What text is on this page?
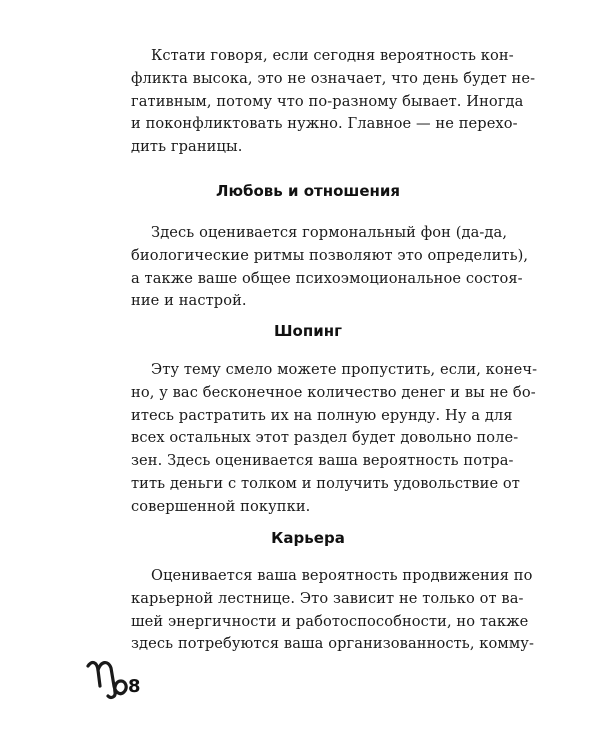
Кстати говоря, если сегодня вероятность кон-
фликта высока, это не означает, что день будет не-
гативным, потому что по-разному бывает. Иногда
и поконфликтовать нужно. Главное — не перехо-
дить границы.
Любовь и отношения
Здесь оценивается гормональный фон (да-да,
биологические ритмы позволяют это определить),
а также ваше общее психоэмоциональное состоя-
ние и настрой.
Шопинг
Эту тему смело можете пропустить, если, конеч-
но, у вас бесконечное количество денег и вы не бо-
итесь растратить их на полную ерунду. Ну а для
всех остальных этот раздел будет довольно поле-
зен. Здесь оценивается ваша вероятность потра-
тить деньги с толком и получить удовольствие от
совершенной покупки.
Карьера
Оценивается ваша вероятность продвижения по
карьерной лестнице. Это зависит не только от ва-
шей энергичности и работоспособности, но также
здесь потребуются ваша организованность, комму-
8
